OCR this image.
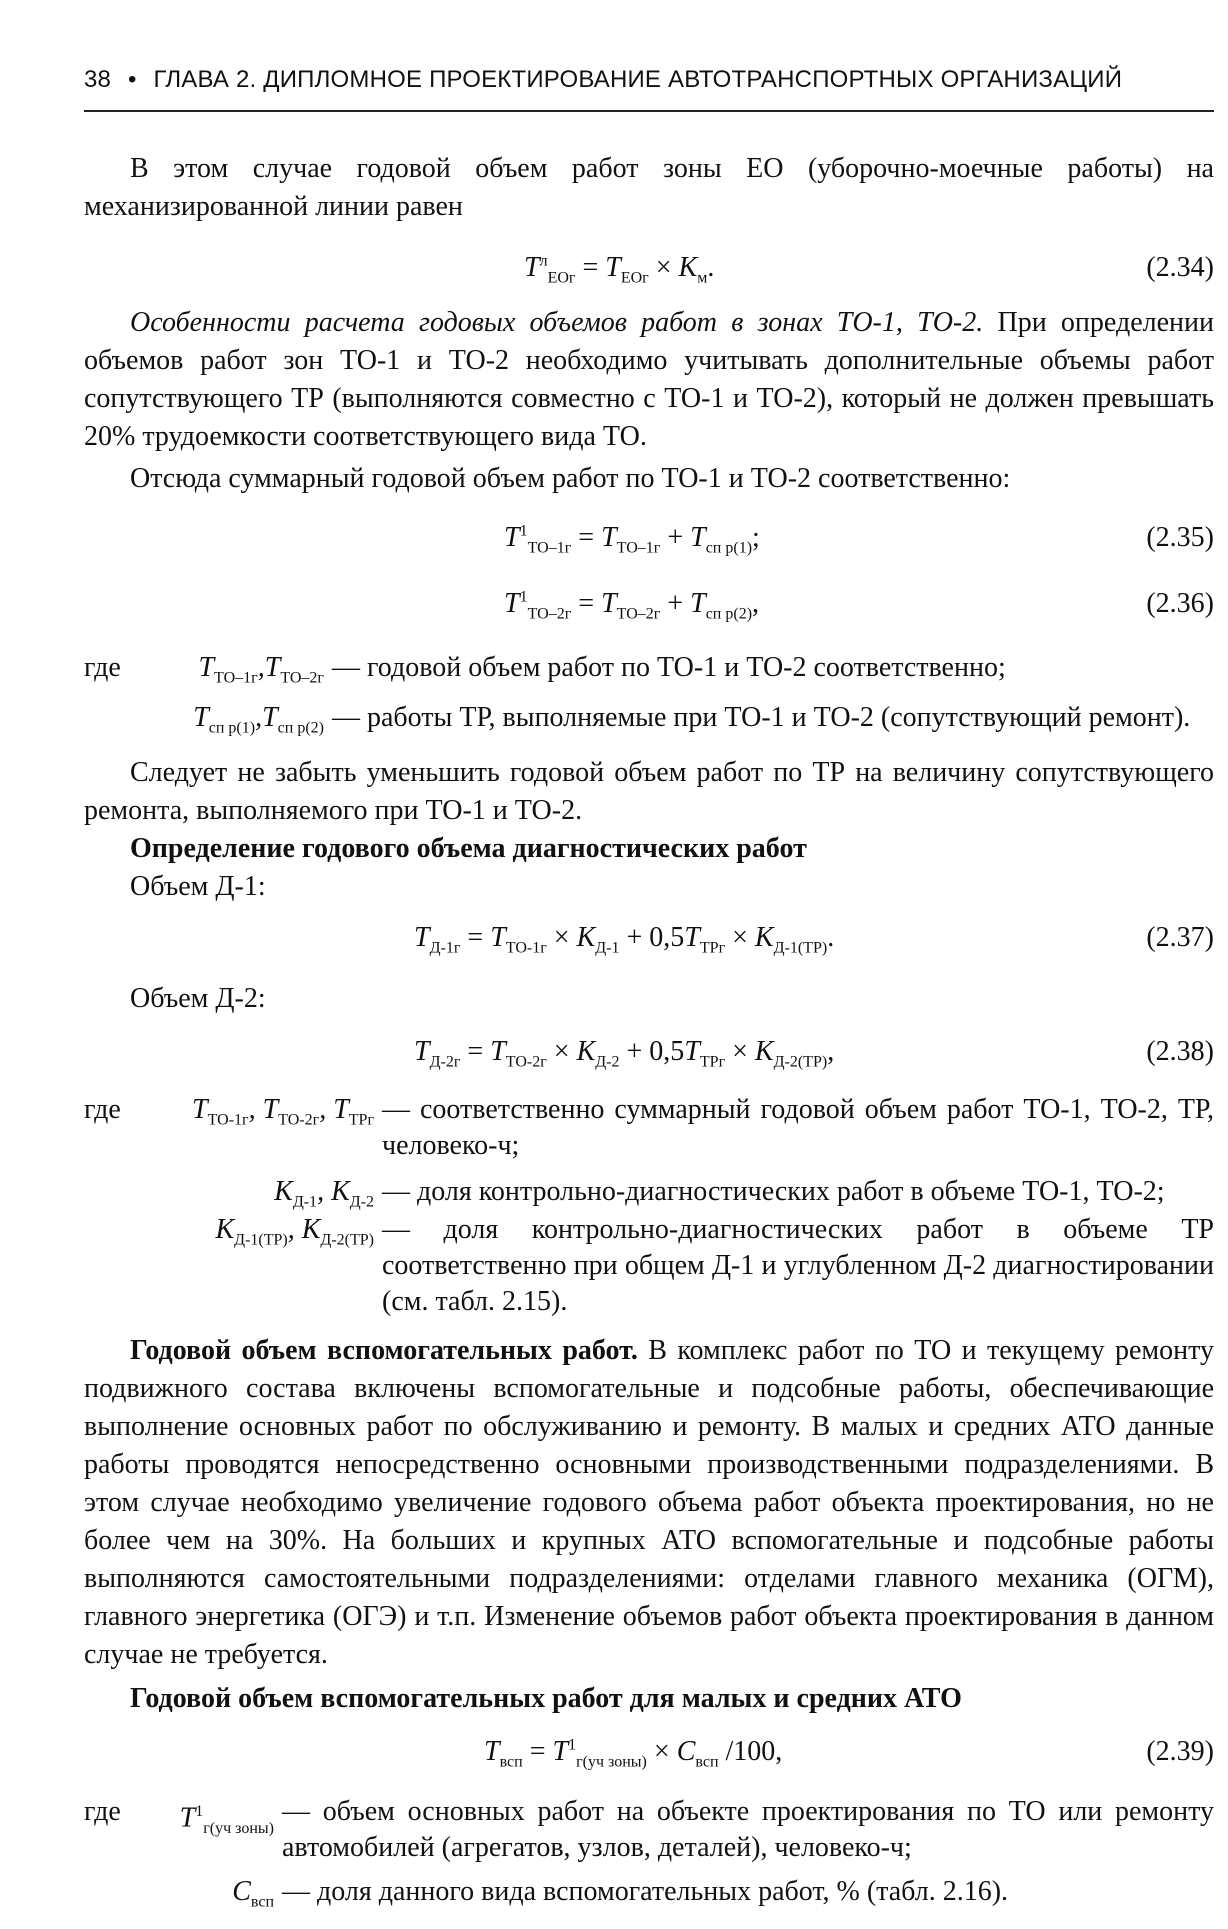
38 • ГЛАВА 2. ДИПЛОМНОЕ ПРОЕКТИРОВАНИЕ АВТОТРАНСПОРТНЫХ ОРГАНИЗАЦИЙ
В этом случае годовой объем работ зоны ЕО (уборочно-моечные работы) на механизированной линии равен
$T^л_{ЕОг} = T_{ЕОг} \times K_м$.	(2.34)
Особенности расчета годовых объемов работ в зонах ТО-1, ТО-2. При определении объемов работ зон ТО-1 и ТО-2 необходимо учитывать дополнительные объемы работ сопутствующего ТР (выполняются совместно с ТО-1 и ТО-2), который не должен превышать 20% трудоемкости соответствующего вида ТО.
Отсюда суммарный годовой объем работ по ТО-1 и ТО-2 соответственно:
$T^1_{ТО-1г} = T_{ТО-1г} + T_{сп р(1)}$;	(2.35)
$T^1_{ТО-2г} = T_{ТО-2г} + T_{сп р(2)}$,	(2.36)
где	$T_{ТО-1г},T_{ТО-2г}$ — годовой объем работ по ТО-1 и ТО-2 соответственно;
$T_{сп р(1)},T_{сп р(2)}$ — работы ТР, выполняемые при ТО-1 и ТО-2 (сопутствующий ремонт).
Следует не забыть уменьшить годовой объем работ по ТР на величину сопутствующего ремонта, выполняемого при ТО-1 и ТО-2.
Определение годового объема диагностических работ
Объем Д-1:
$T_{Д-1г} = T_{ТО-1г} \times K_{Д-1} + 0,5T_{ТРг} \times K_{Д-1(ТР)}$.	(2.37)
Объем Д-2:
$T_{Д-2г} = T_{ТО-2г} \times K_{Д-2} + 0,5T_{ТРг} \times K_{Д-2(ТР)}$,	(2.38)
где	$T_{ТО-1г}$, $T_{ТО-2г}$, $T_{ТРг}$ — соответственно суммарный годовой объем работ ТО-1, ТО-2, ТР, человеко-ч;
$K_{Д-1}$, $K_{Д-2}$ — доля контрольно-диагностических работ в объеме ТО-1, ТО-2;
$K_{Д-1(ТР)}$, $K_{Д-2(ТР)}$ — доля контрольно-диагностических работ в объеме ТР соответственно при общем Д-1 и углубленном Д-2 диагностировании (см. табл. 2.15).
Годовой объем вспомогательных работ. В комплекс работ по ТО и текущему ремонту подвижного состава включены вспомогательные и подсобные работы, обеспечивающие выполнение основных работ по обслуживанию и ремонту. В малых и средних АТО данные работы проводятся непосредственно основными производственными подразделениями. В этом случае необходимо увеличение годового объема работ объекта проектирования, но не более чем на 30%. На больших и крупных АТО вспомогательные и подсобные работы выполняются самостоятельными подразделениями: отделами главного механика (ОГМ), главного энергетика (ОГЭ) и т.п. Изменение объемов работ объекта проектирования в данном случае не требуется.
Годовой объем вспомогательных работ для малых и средних АТО
$T_{всп} = T^1_{г(уч зоны)} \times C_{всп}$ /100,	(2.39)
где	$T^1_{г(уч зоны)}$
— объем основных работ на объекте проектирования по ТО или ремонту автомобилей (агрегатов, узлов, деталей), человеко-ч;
$C_{всп}$ — доля данного вида вспомогательных работ, % (табл. 2.16).
